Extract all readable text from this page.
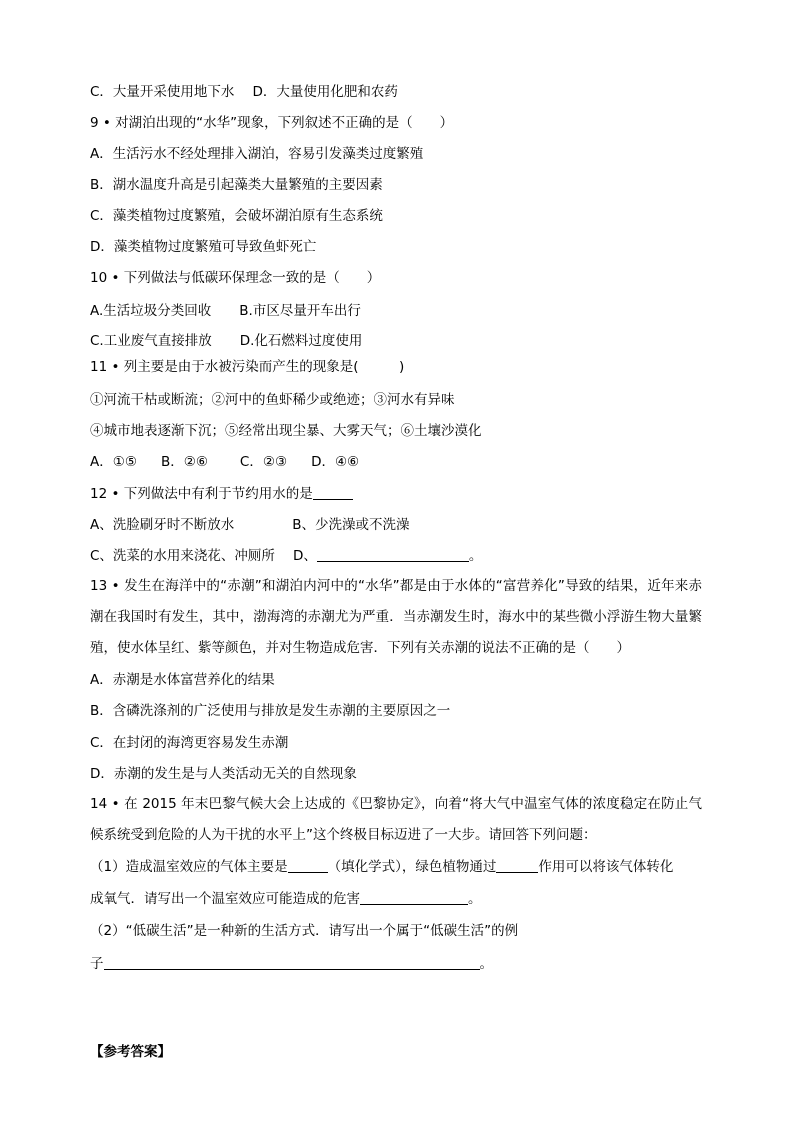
C．大量开采使用地下水 D．大量使用化肥和农药
9 • 对湖泊出现的“水华”现象，下列叙述不正确的是（　　）
A．生活污水不经处理排入湖泊，容易引发藻类过度繁殖
B．湖水温度升高是引起藻类大量繁殖的主要因素
C．藻类植物过度繁殖，会破坏湖泊原有生态系统
D．藻类植物过度繁殖可导致鱼虾死亡
10 • 下列做法与低碳环保理念一致的是（　　）
A.生活垃圾分类回收 B.市区尽量开车出行
C.工业废气直接排放 D.化石燃料过度使用
11 • 列主要是由于水被污染而产生的现象是(　　　)
①河流干枯或断流；②河中的鱼虾稀少或绝迹；③河水有异味
④城市地表逐渐下沉；⑤经常出现尘暴、大雾天气；⑥土壤沙漠化
A．①⑤ B．②⑥ C．②③ D．④⑥
12 • 下列做法中有利于节约用水的是
A、洗脸刷牙时不断放水	B、少洗澡或不洗澡
C、洗菜的水用来浇花、冲厕所 D、	。
13 • 发生在海洋中的“赤潮”和湖泊内河中的“水华”都是由于水体的“富营养化”导致的结果，近年来赤潮在我国时有发生，其中，渤海湾的赤潮尤为严重．当赤潮发生时，海水中的某些微小浮游生物大量繁殖，使水体呈红、紫等颜色，并对生物造成危害．下列有关赤潮的说法不正确的是（　　）
A．赤潮是水体富营养化的结果
B．含磷洗涤剂的广泛使用与排放是发生赤潮的主要原因之一
C．在封闭的海湾更容易发生赤潮
D．赤潮的发生是与人类活动无关的自然现象
14 • 在 2015 年末巴黎气候大会上达成的《巴黎协定》，向着“将大气中温室气体的浓度稳定在防止气候系统受到危险的人为干扰的水平上”这个终极目标迈进了一大步。请回答下列问题：
（1）造成温室效应的气体主要是	（填化学式），绿色植物通过	作用可以将该气体转化
成氧气．请写出一个温室效应可能造成的危害	。
（2）“低碳生活”是一种新的生活方式．请写出一个属于“低碳生活”的例
子	。
【参考答案】
